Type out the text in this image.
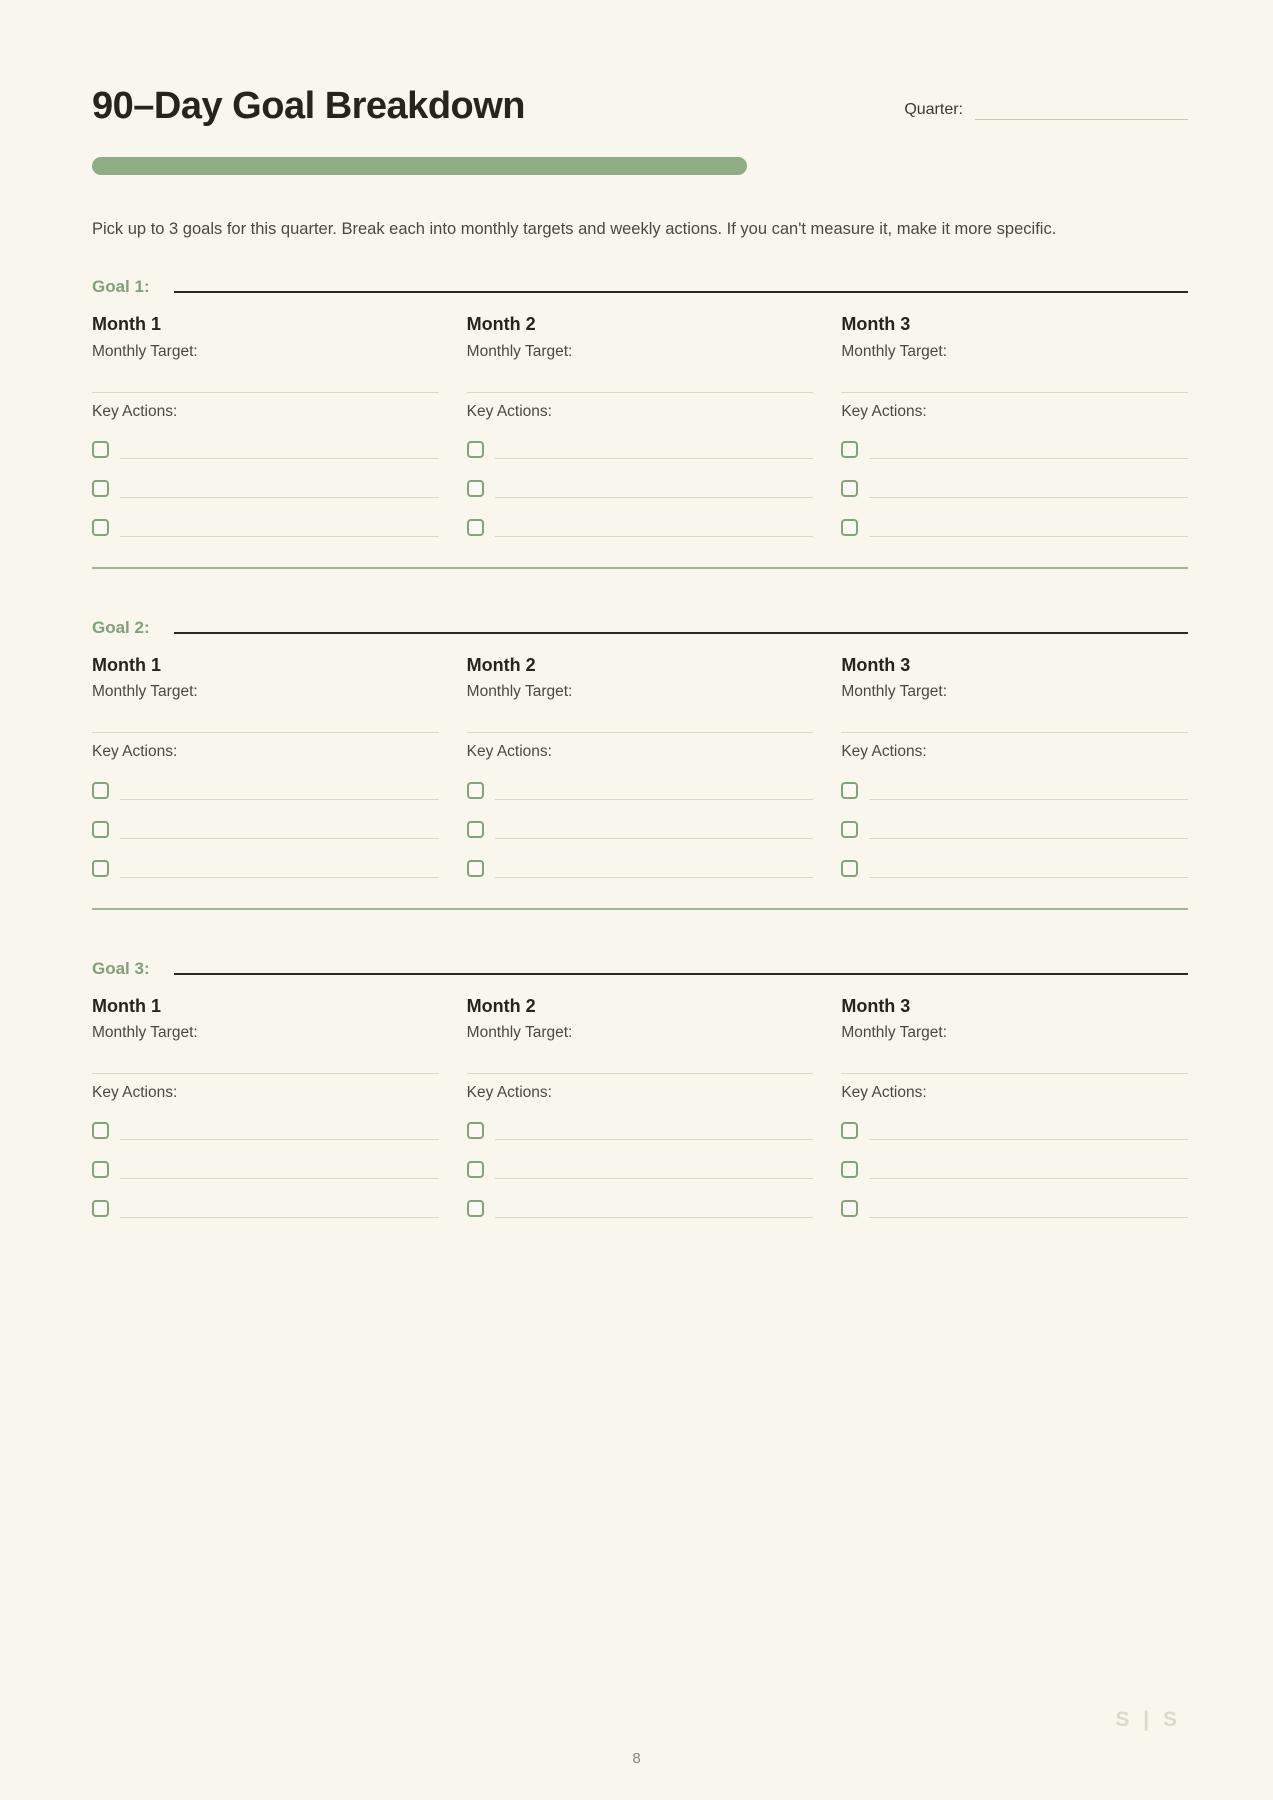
90–Day Goal Breakdown	Quarter:

Pick up to 3 goals for this quarter. Break each into monthly targets and weekly actions. If you can't measure it, make it more specific.

Goal 1:
Month 1
Monthly Target:
Key Actions:
Month 2
Monthly Target:
Key Actions:
Month 3
Monthly Target:
Key Actions:
Goal 2:
Month 1
Monthly Target:
Key Actions:
Month 2
Monthly Target:
Key Actions:
Month 3
Monthly Target:
Key Actions:
Goal 3:
Month 1
Monthly Target:
Key Actions:
Month 2
Monthly Target:
Key Actions:
Month 3
Monthly Target:
Key Actions:
S | S
8
